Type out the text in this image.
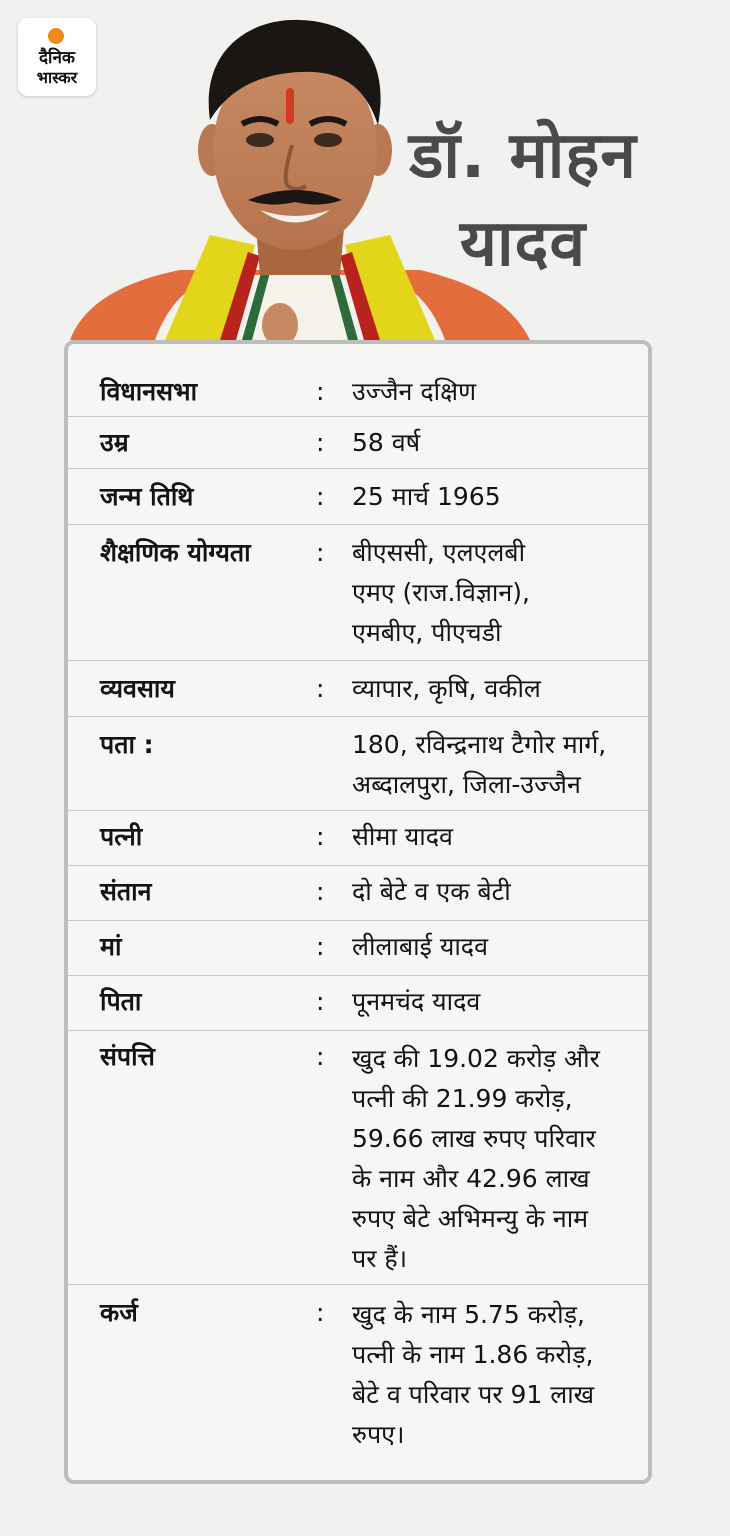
दैनिक
भास्कर
डॉ. मोहन
यादव
विधानसभा	: उज्जैन दक्षिण
उम्र	: 58 वर्ष
जन्म तिथि	: 25 मार्च 1965
शैक्षणिक योग्यता	: बीएससी, एलएलबी
एमए (राज.विज्ञान),
एमबीए, पीएचडी
व्यवसाय	: व्यापार, कृषि, वकील
पता :	180, रविन्द्रनाथ टैगोर मार्ग,
अब्दालपुरा, जिला-उज्जैन
पत्नी	: सीमा यादव
संतान	: दो बेटे व एक बेटी
मां	: लीलाबाई यादव
पिता	: पूनमचंद यादव
संपत्ति	: खुद की 19.02 करोड़ और
पत्नी की 21.99 करोड़,
59.66 लाख रुपए परिवार
के नाम और 42.96 लाख
रुपए बेटे अभिमन्यु के नाम
पर हैं।
कर्ज	: खुद के नाम 5.75 करोड़,
पत्नी के नाम 1.86 करोड़,
बेटे व परिवार पर 91 लाख
रुपए।
